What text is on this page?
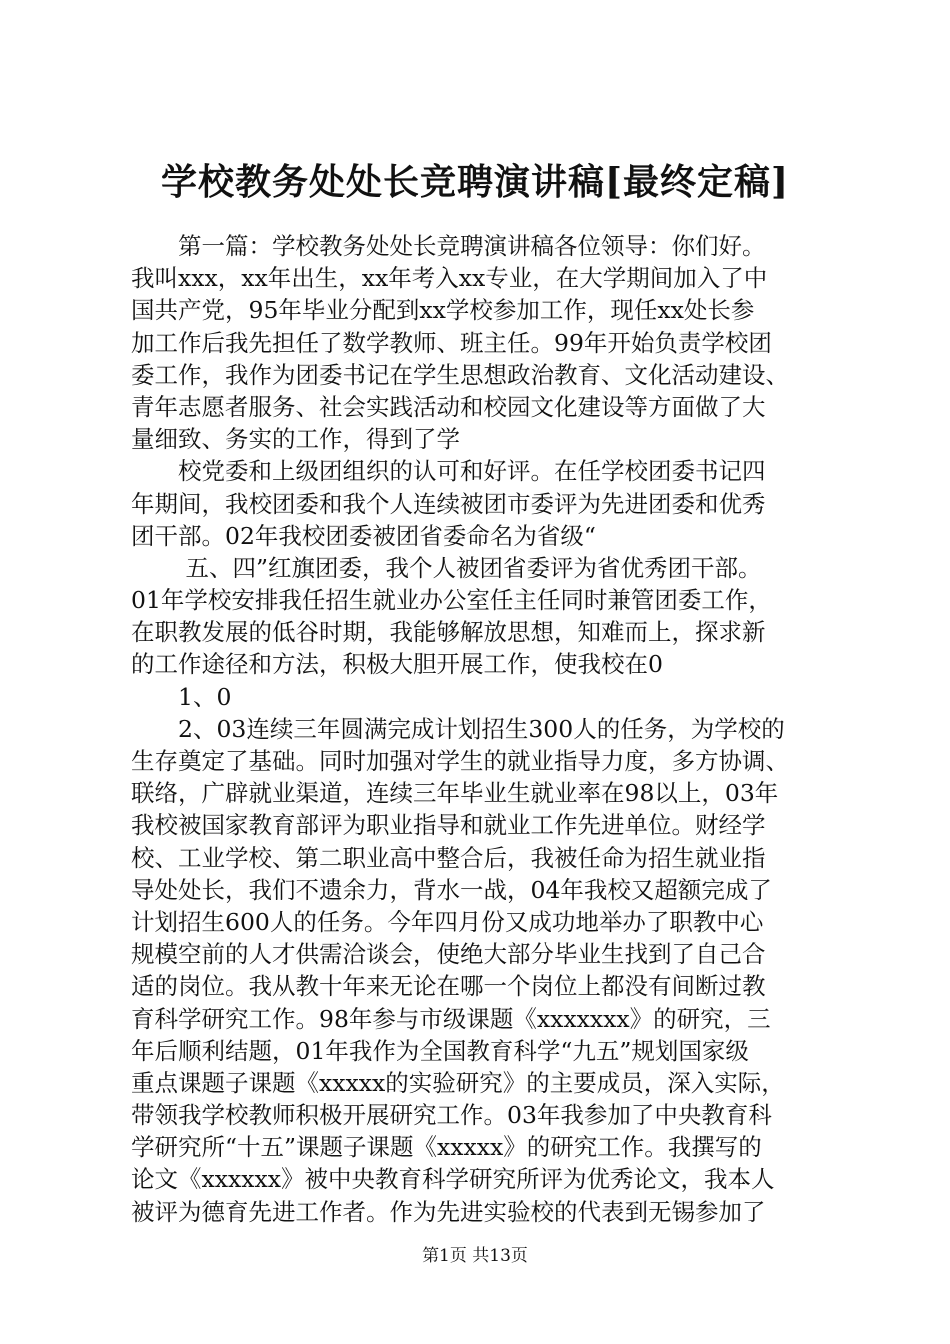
学校教务处处长竞聘演讲稿[最终定稿]
　　第一篇：学校教务处处长竞聘演讲稿各位领导：你们好。
我叫xxx，xx年出生，xx年考入xx专业，在大学期间加入了中
国共产党，95年毕业分配到xx学校参加工作，现任xx处长参
加工作后我先担任了数学教师、班主任。99年开始负责学校团
委工作，我作为团委书记在学生思想政治教育、文化活动建设、
青年志愿者服务、社会实践活动和校园文化建设等方面做了大
量细致、务实的工作，得到了学
　　校党委和上级团组织的认可和好评。在任学校团委书记四
年期间，我校团委和我个人连续被团市委评为先进团委和优秀
团干部。02年我校团委被团省委命名为省级“
　　 五、四”红旗团委，我个人被团省委评为省优秀团干部。
01年学校安排我任招生就业办公室任主任同时兼管团委工作，
在职教发展的低谷时期，我能够解放思想，知难而上，探求新
的工作途径和方法，积极大胆开展工作，使我校在0
　　1、0
　　2、03连续三年圆满完成计划招生300人的任务，为学校的
生存奠定了基础。同时加强对学生的就业指导力度，多方协调、
联络，广辟就业渠道，连续三年毕业生就业率在98以上，03年
我校被国家教育部评为职业指导和就业工作先进单位。财经学
校、工业学校、第二职业高中整合后，我被任命为招生就业指
导处处长，我们不遗余力，背水一战，04年我校又超额完成了
计划招生600人的任务。今年四月份又成功地举办了职教中心
规模空前的人才供需洽谈会，使绝大部分毕业生找到了自己合
适的岗位。我从教十年来无论在哪一个岗位上都没有间断过教
育科学研究工作。98年参与市级课题《xxxxxxx》的研究，三
年后顺利结题，01年我作为全国教育科学“九五”规划国家级
重点课题子课题《xxxxx的实验研究》的主要成员，深入实际，
带领我学校教师积极开展研究工作。03年我参加了中央教育科
学研究所“十五”课题子课题《xxxxx》的研究工作。我撰写的
论文《xxxxxx》被中央教育科学研究所评为优秀论文，我本人
被评为德育先进工作者。作为先进实验校的代表到无锡参加了
第1页 共13页
